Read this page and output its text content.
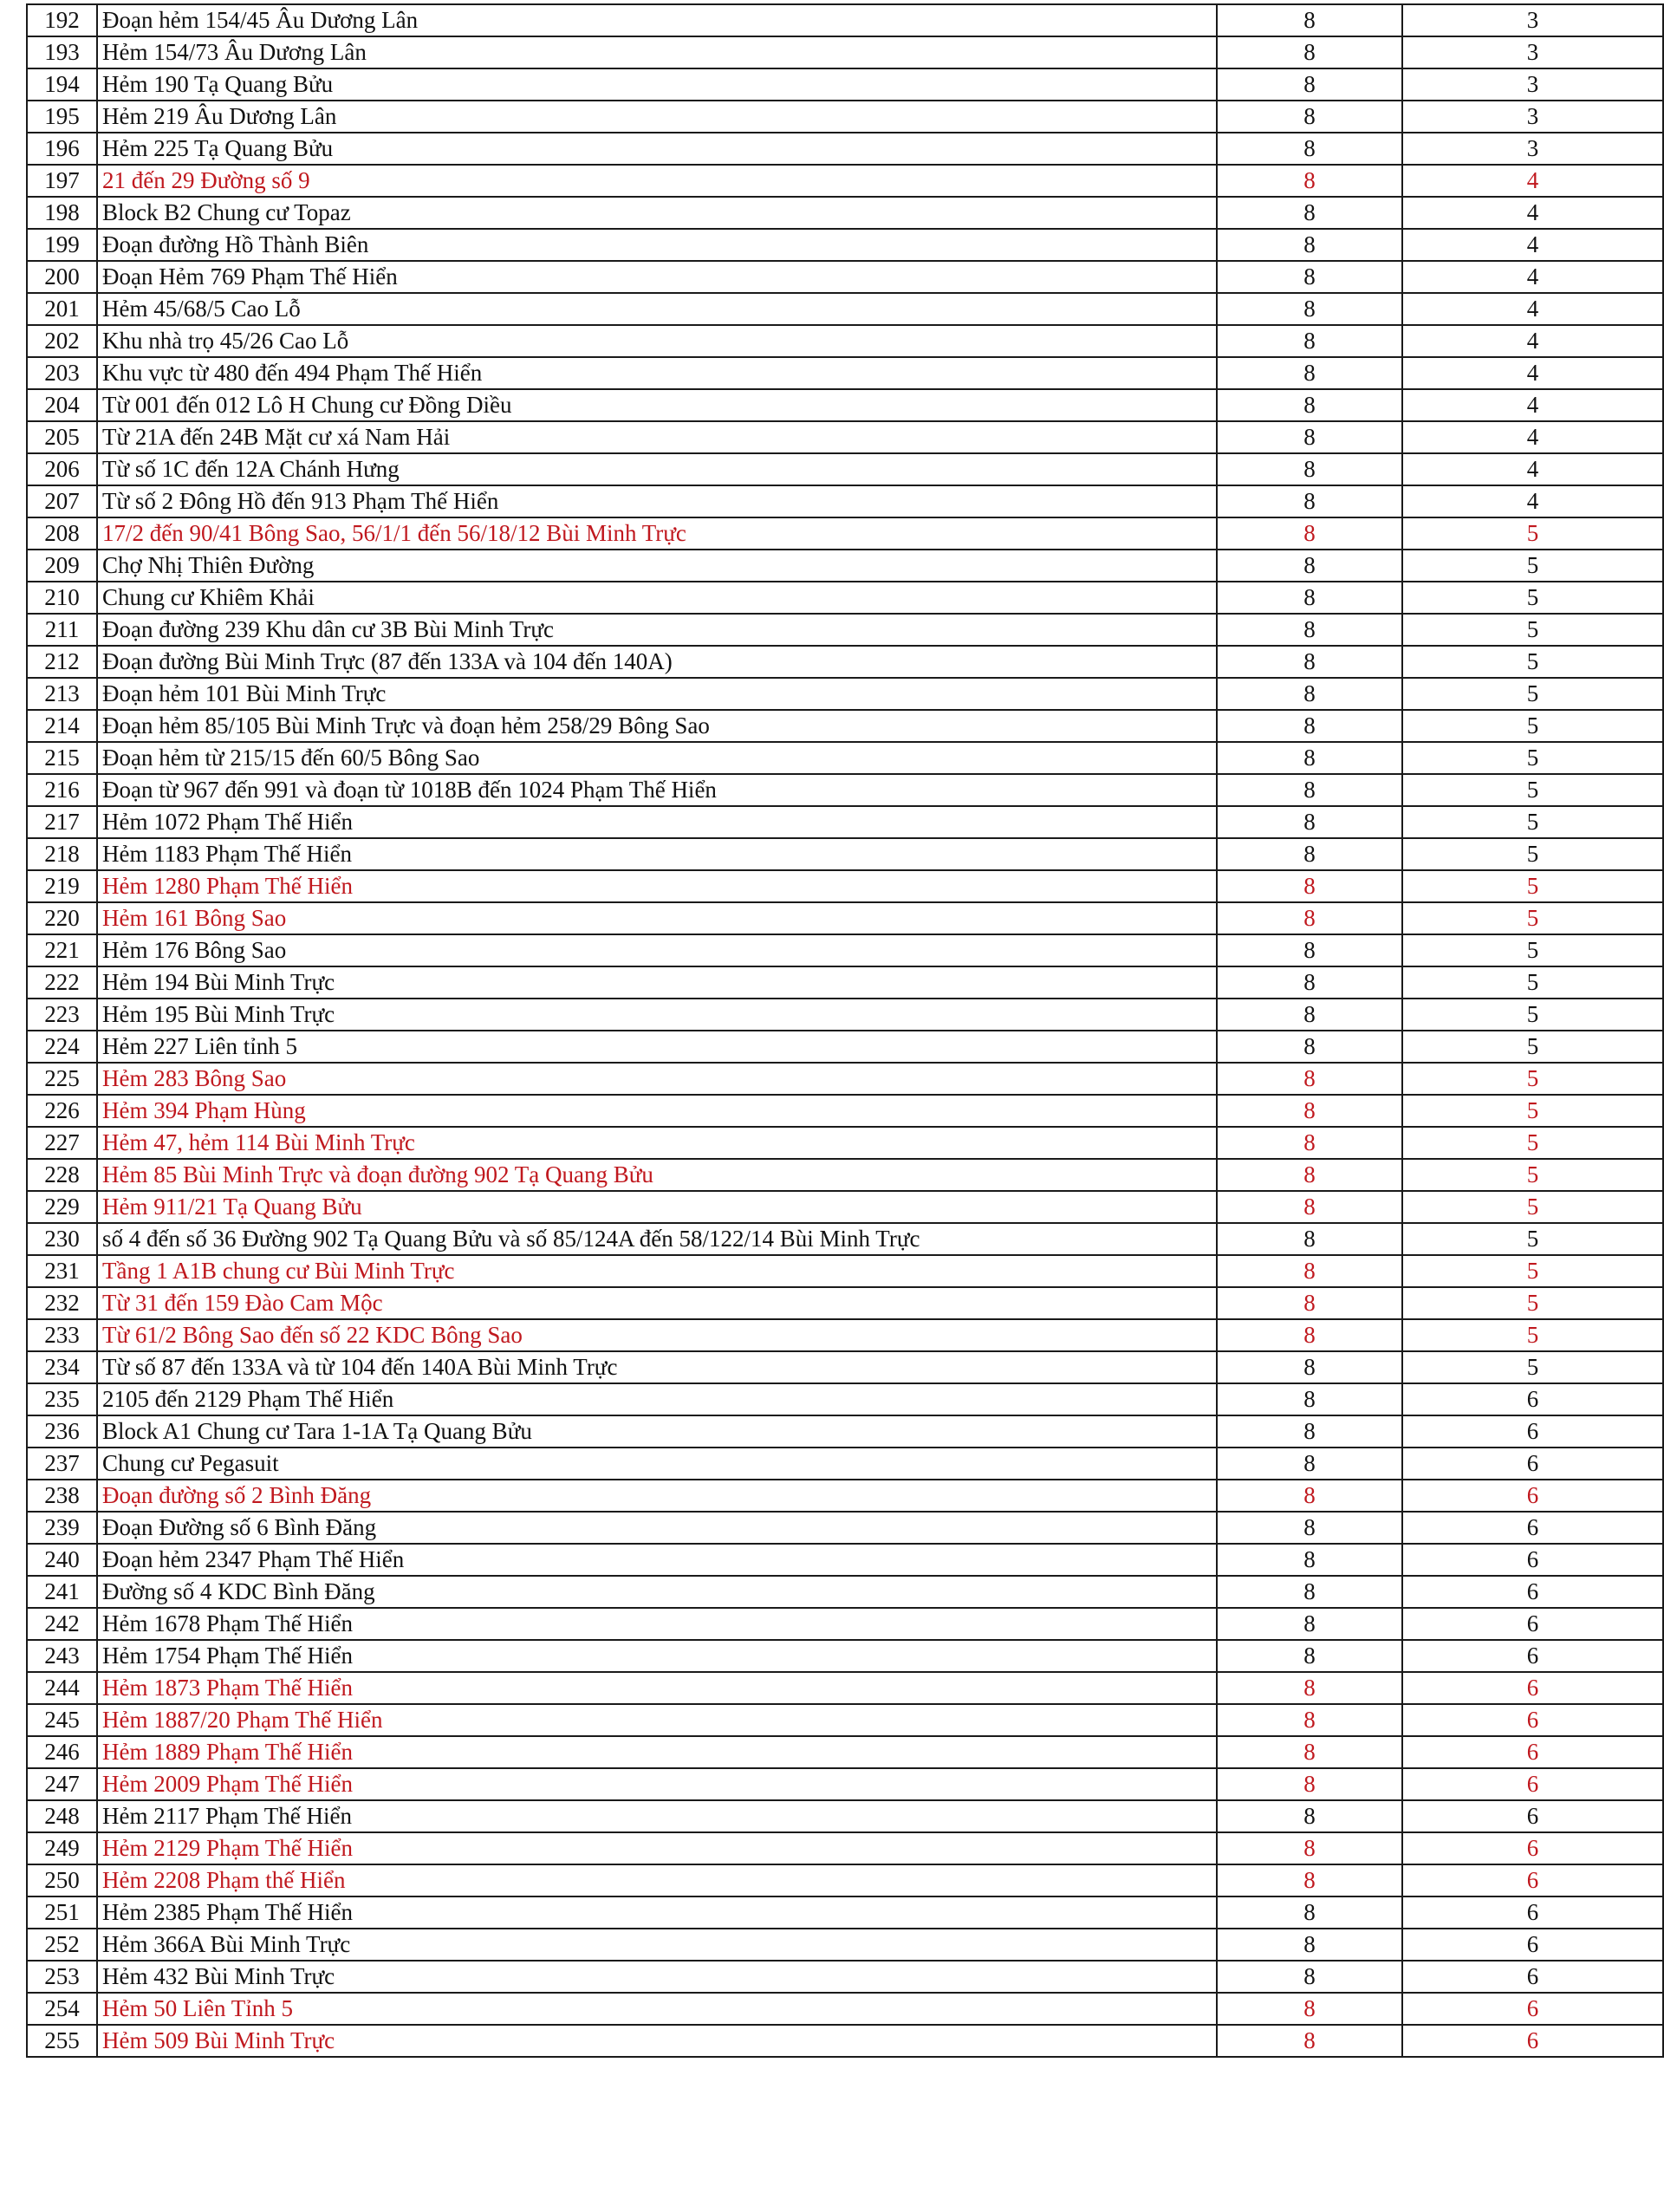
192	Đoạn hẻm 154/45 Âu Dương Lân	8	3
193	Hẻm 154/73 Âu Dương Lân	8	3
194	Hẻm 190 Tạ Quang Bửu	8	3
195	Hẻm 219 Âu Dương Lân	8	3
196	Hẻm 225 Tạ Quang Bửu	8	3
197	21 đến 29 Đường số 9	8	4
198	Block B2 Chung cư Topaz	8	4
199	Đoạn đường Hồ Thành Biên	8	4
200	Đoạn Hẻm 769 Phạm Thế Hiển	8	4
201	Hẻm 45/68/5 Cao Lỗ	8	4
202	Khu nhà trọ 45/26 Cao Lỗ	8	4
203	Khu vực từ 480 đến 494 Phạm Thế Hiển	8	4
204	Từ 001 đến 012 Lô H Chung cư Đồng Diều	8	4
205	Từ 21A đến 24B Mặt cư xá Nam Hải	8	4
206	Từ số 1C đến 12A Chánh Hưng	8	4
207	Từ số 2 Đông Hồ đến 913 Phạm Thế Hiển	8	4
208	17/2 đến 90/41 Bông Sao, 56/1/1 đến 56/18/12 Bùi Minh Trực	8	5
209	Chợ Nhị Thiên Đường	8	5
210	Chung cư Khiêm Khải	8	5
211	Đoạn đường 239 Khu dân cư 3B Bùi Minh Trực	8	5
212	Đoạn đường Bùi Minh Trực (87 đến 133A và 104 đến 140A)	8	5
213	Đoạn hẻm 101 Bùi Minh Trực	8	5
214	Đoạn hẻm 85/105 Bùi Minh Trực và đoạn hẻm 258/29 Bông Sao	8	5
215	Đoạn hẻm từ 215/15 đến 60/5 Bông Sao	8	5
216	Đoạn từ 967 đến 991 và đoạn từ 1018B đến 1024 Phạm Thế Hiển	8	5
217	Hẻm 1072 Phạm Thế Hiển	8	5
218	Hẻm 1183 Phạm Thế Hiển	8	5
219	Hẻm 1280 Phạm Thế Hiển	8	5
220	Hẻm 161 Bông Sao	8	5
221	Hẻm 176 Bông Sao	8	5
222	Hẻm 194 Bùi Minh Trực	8	5
223	Hẻm 195 Bùi Minh Trực	8	5
224	Hẻm 227 Liên tỉnh 5	8	5
225	Hẻm 283 Bông Sao	8	5
226	Hẻm 394 Phạm Hùng	8	5
227	Hẻm 47, hẻm 114 Bùi Minh Trực	8	5
228	Hẻm 85 Bùi Minh Trực và đoạn đường 902 Tạ Quang Bửu	8	5
229	Hẻm 911/21 Tạ Quang Bửu	8	5
230	số 4 đến số 36 Đường 902 Tạ Quang Bửu và số 85/124A đến 58/122/14 Bùi Minh Trực	8	5
231	Tầng 1 A1B chung cư Bùi Minh Trực	8	5
232	Từ 31 đến 159 Đào Cam Mộc	8	5
233	Từ 61/2 Bông Sao đến số 22 KDC Bông Sao	8	5
234	Từ số 87 đến 133A và từ 104 đến 140A Bùi Minh Trực	8	5
235	2105 đến 2129 Phạm Thế Hiển	8	6
236	Block A1 Chung cư Tara 1-1A Tạ Quang Bửu	8	6
237	Chung cư Pegasuit	8	6
238	Đoạn đường số 2 Bình Đăng	8	6
239	Đoạn Đường số 6 Bình Đăng	8	6
240	Đoạn hẻm 2347 Phạm Thế Hiển	8	6
241	Đường số 4 KDC Bình Đăng	8	6
242	Hẻm 1678 Phạm Thế Hiển	8	6
243	Hẻm 1754 Phạm Thế Hiển	8	6
244	Hẻm 1873 Phạm Thế Hiển	8	6
245	Hẻm 1887/20 Phạm Thế Hiển	8	6
246	Hẻm 1889 Phạm Thế Hiển	8	6
247	Hẻm 2009 Phạm Thế Hiển	8	6
248	Hẻm 2117 Phạm Thế Hiển	8	6
249	Hẻm 2129 Phạm Thế Hiển	8	6
250	Hẻm 2208 Phạm thế Hiển	8	6
251	Hẻm 2385 Phạm Thế Hiển	8	6
252	Hẻm 366A Bùi Minh Trực	8	6
253	Hẻm 432 Bùi Minh Trực	8	6
254	Hẻm 50 Liên Tỉnh 5	8	6
255	Hẻm 509 Bùi Minh Trực	8	6
